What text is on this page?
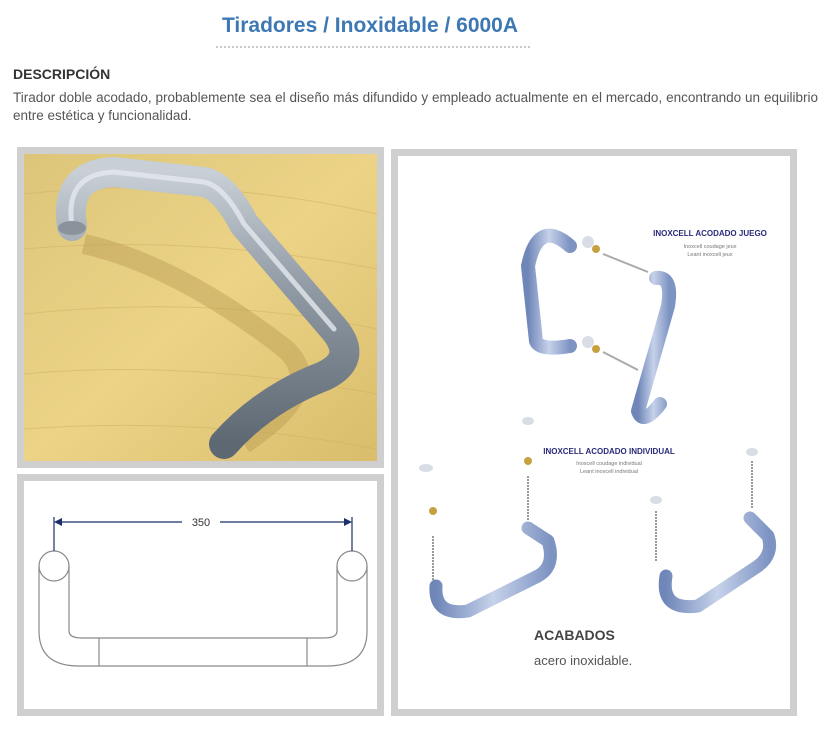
Tiradores / Inoxidable / 6000A
DESCRIPCIÓN
Tirador doble acodado, probablemente sea el diseño más difundido y empleado actualmente en el mercado, encontrando un equilibrio entre estética y funcionalidad.
350
INOXCELL ACODADO JUEGO
Inoxcell coudage jeux
Leant inoxcell jeux
INOXCELL ACODADO INDIVIDUAL
Inoxcell coudage individual
Leant inoxcell individual
ACABADOS
acero inoxidable.
